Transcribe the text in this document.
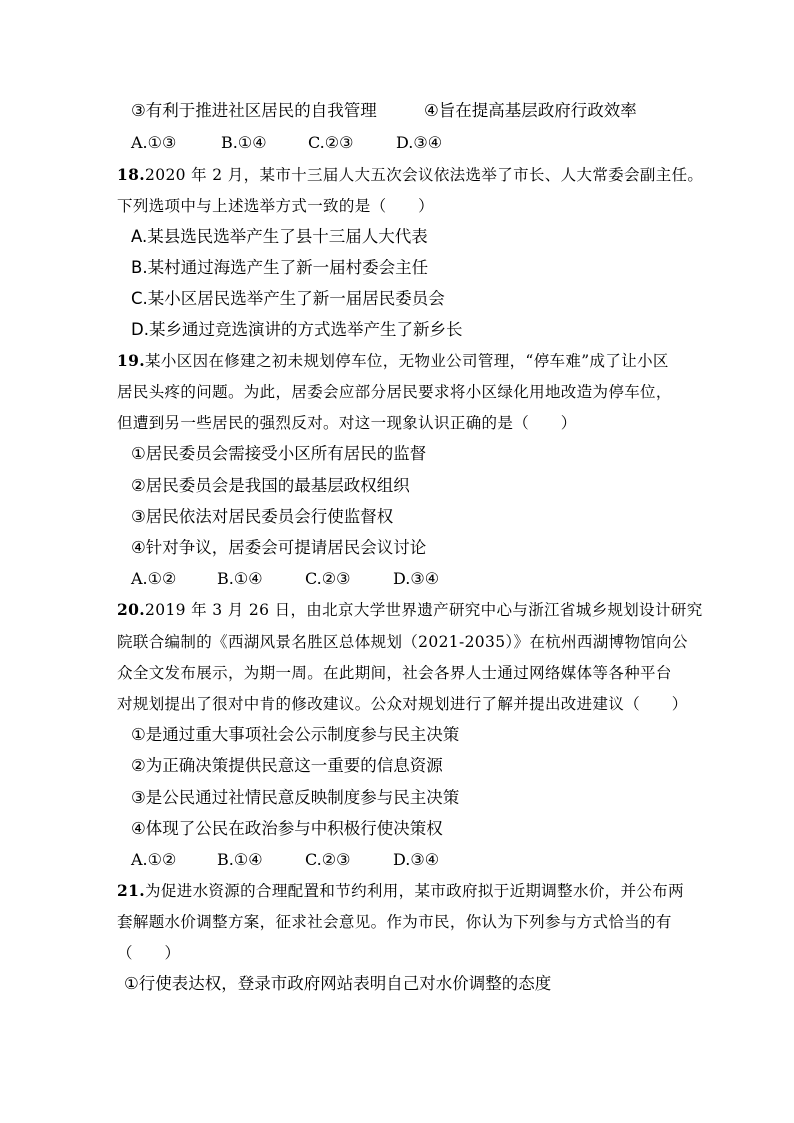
③有利于推进社区居民的自我管理	④旨在提高基层政府行政效率
A.①③	B.①④	C.②③	D.③④
18.2020 年 2 月，某市十三届人大五次会议依法选举了市长、人大常委会副主任。
下列选项中与上述选举方式一致的是（　　）
A.某县选民选举产生了县十三届人大代表
B.某村通过海选产生了新一届村委会主任
C.某小区居民选举产生了新一届居民委员会
D.某乡通过竞选演讲的方式选举产生了新乡长
19.某小区因在修建之初未规划停车位，无物业公司管理，“停车难”成了让小区
居民头疼的问题。为此，居委会应部分居民要求将小区绿化用地改造为停车位，
但遭到另一些居民的强烈反对。对这一现象认识正确的是（　　）
①居民委员会需接受小区所有居民的监督
②居民委员会是我国的最基层政权组织
③居民依法对居民委员会行使监督权
④针对争议，居委会可提请居民会议讨论
A.①②	B.①④	C.②③	D.③④
20.2019 年 3 月 26 日，由北京大学世界遗产研究中心与浙江省城乡规划设计研究
院联合编制的《西湖风景名胜区总体规划（2021-2035）》在杭州西湖博物馆向公
众全文发布展示，为期一周。在此期间，社会各界人士通过网络媒体等各种平台
对规划提出了很对中肯的修改建议。公众对规划进行了解并提出改进建议（　　）
①是通过重大事项社会公示制度参与民主决策
②为正确决策提供民意这一重要的信息资源
③是公民通过社情民意反映制度参与民主决策
④体现了公民在政治参与中积极行使决策权
A.①②	B.①④	C.②③	D.③④
21.为促进水资源的合理配置和节约利用，某市政府拟于近期调整水价，并公布两
套解题水价调整方案，征求社会意见。作为市民，你认为下列参与方式恰当的有
（　　）
①行使表达权，登录市政府网站表明自己对水价调整的态度
